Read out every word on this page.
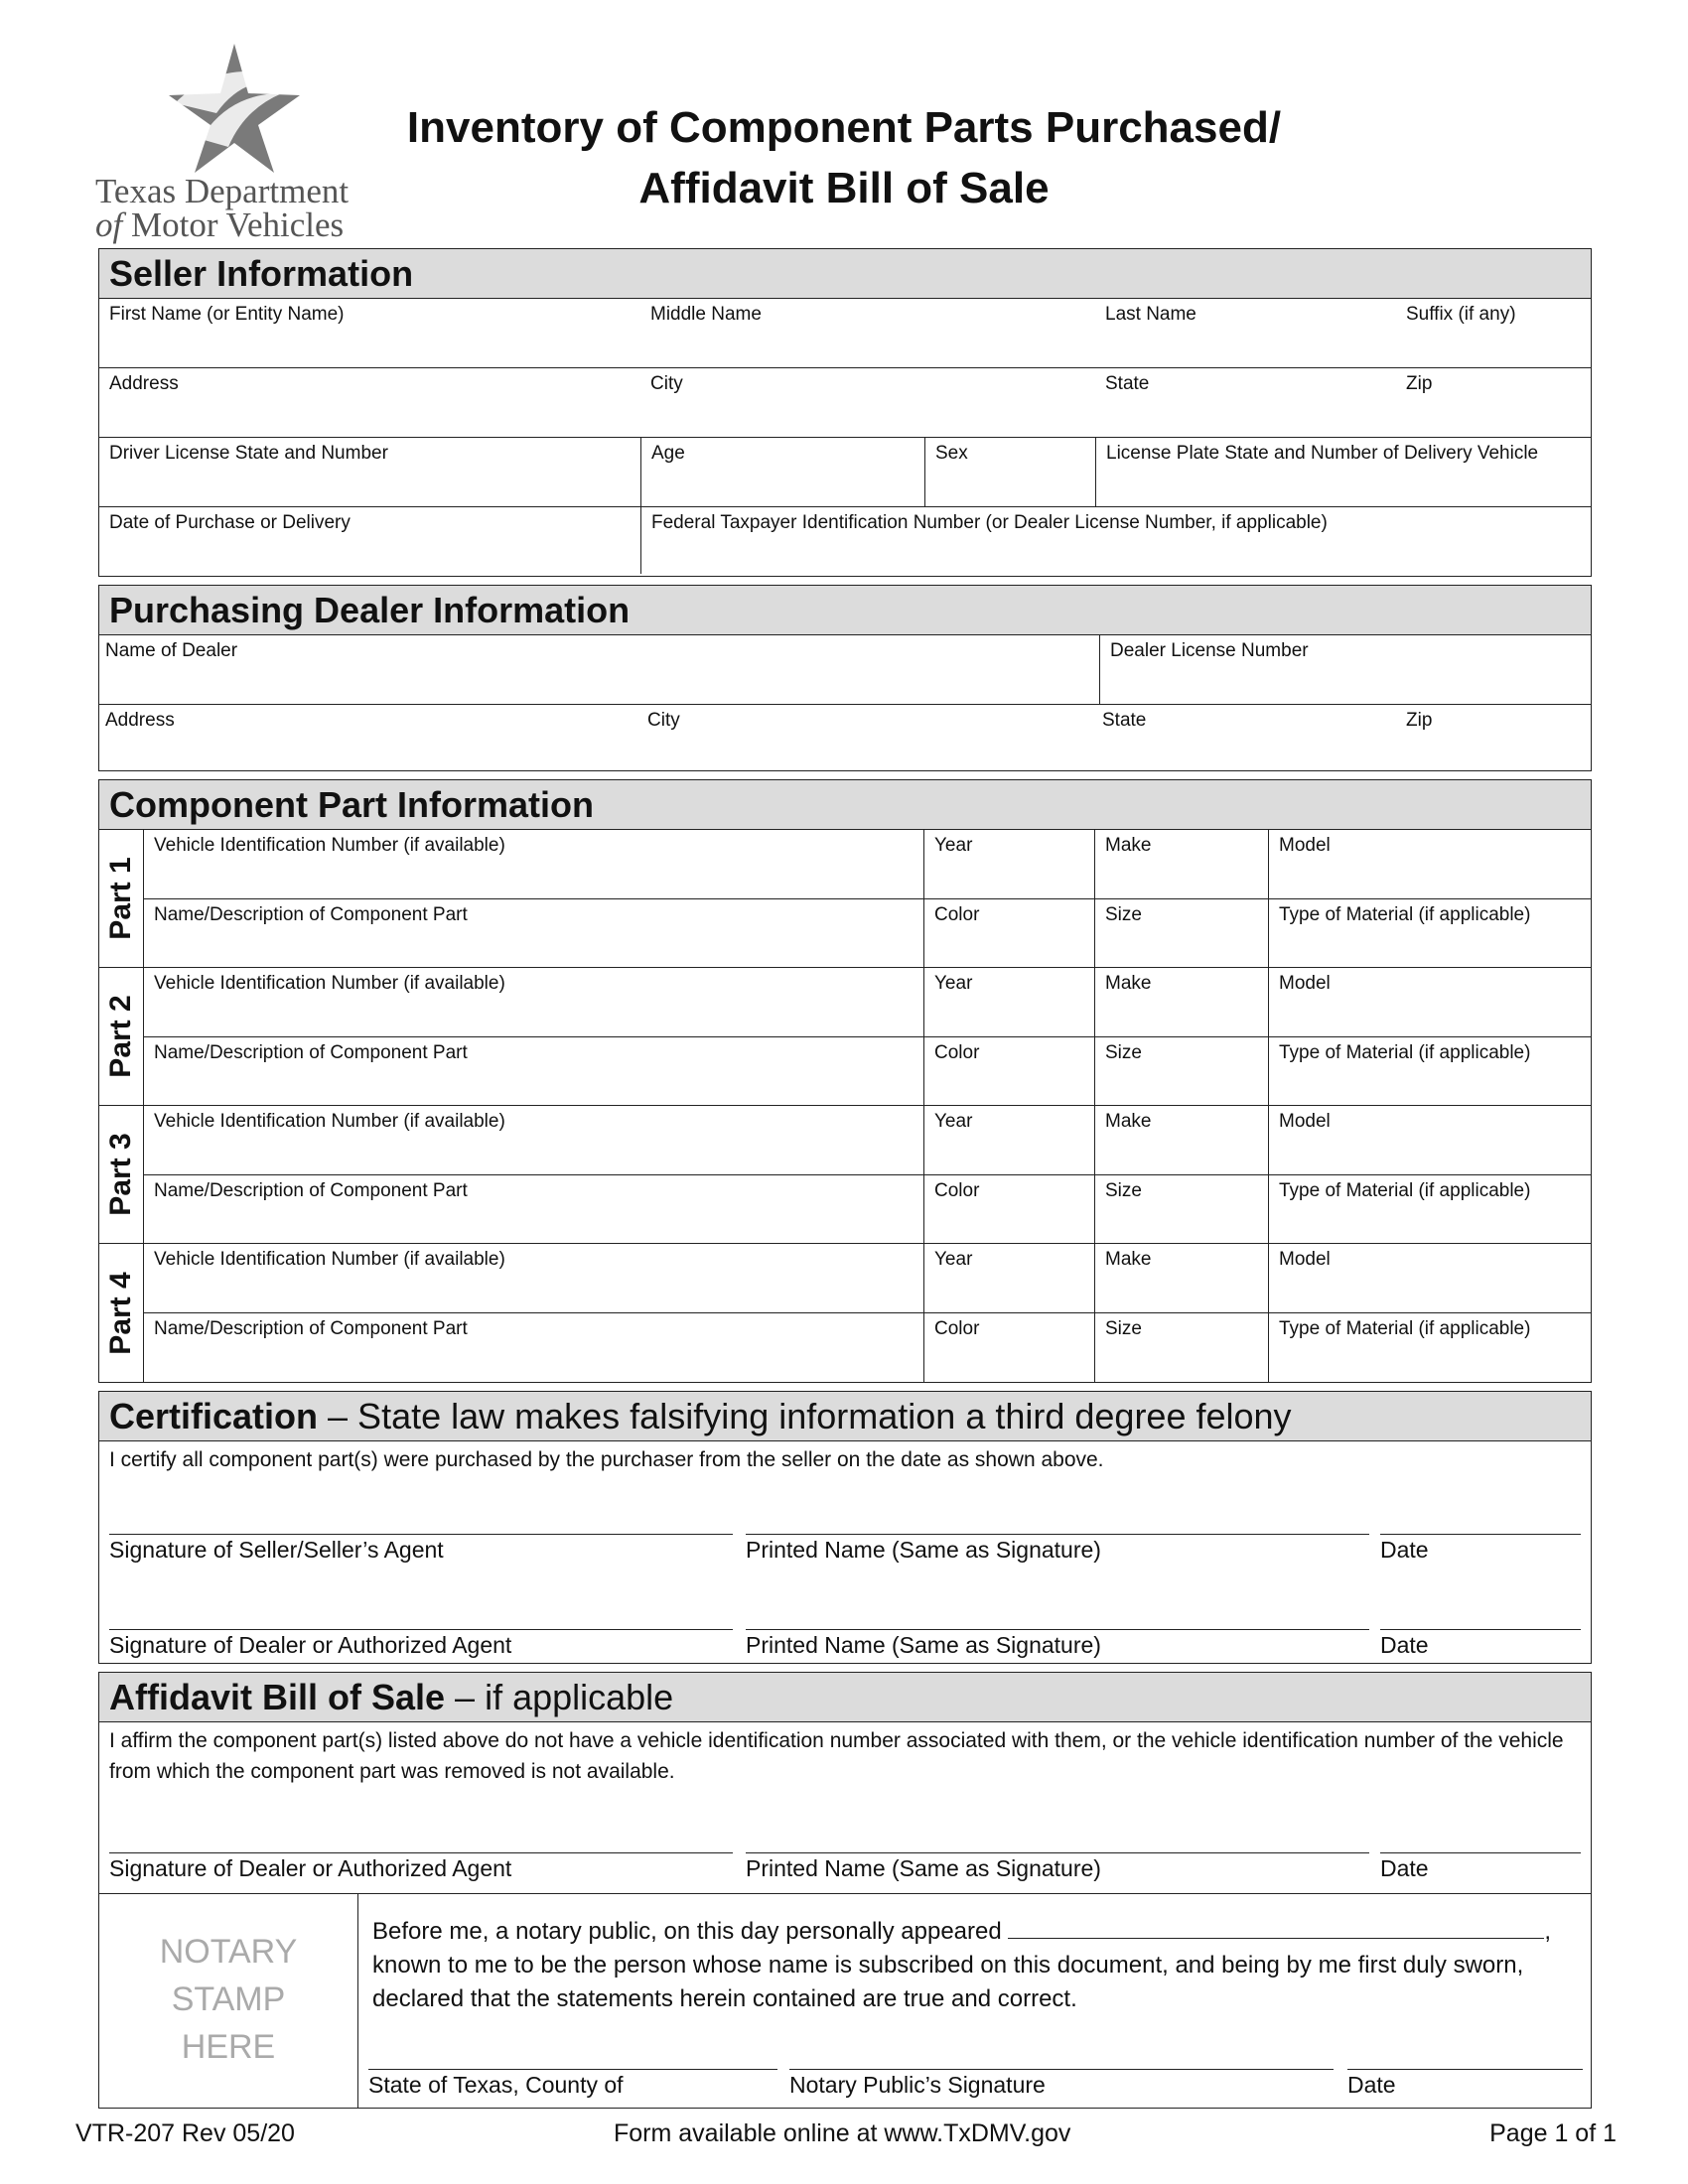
Texas Department
of Motor Vehicles
Inventory of Component Parts Purchased/
Affidavit Bill of Sale
Seller Information
First Name (or Entity Name)	Middle Name	Last Name	Suffix (if any)
Address	City	State	Zip
Driver License State and Number	Age	Sex	License Plate State and Number of Delivery Vehicle
Date of Purchase or Delivery	Federal Taxpayer Identification Number (or Dealer License Number, if applicable)
Purchasing Dealer Information
Name of Dealer	Dealer License Number
Address	City	State	Zip
Component Part Information
Part 1
Part 2
Part 3
Part 4
Vehicle Identification Number (if available)	Year	Make	Model
Name/Description of Component Part	Color	Size	Type of Material (if applicable)
Vehicle Identification Number (if available)	Year	Make	Model
Name/Description of Component Part	Color	Size	Type of Material (if applicable)
Vehicle Identification Number (if available)	Year	Make	Model
Name/Description of Component Part	Color	Size	Type of Material (if applicable)
Vehicle Identification Number (if available)	Year	Make	Model
Name/Description of Component Part	Color	Size	Type of Material (if applicable)
Certification – State law makes falsifying information a third degree felony
I certify all component part(s) were purchased by the purchaser from the seller on the date as shown above.
Signature of Seller/Seller’s Agent	Printed Name (Same as Signature)	Date
Signature of Dealer or Authorized Agent	Printed Name (Same as Signature)	Date
Affidavit Bill of Sale – if applicable
I affirm the component part(s) listed above do not have a vehicle identification number associated with them, or the vehicle identification number of the vehicle from which the component part was removed is not available.
Signature of Dealer or Authorized Agent	Printed Name (Same as Signature)	Date
NOTARY
STAMP
HERE
Before me, a notary public, on this day personally appeared	,
known to me to be the person whose name is subscribed on this document, and being by me first duly sworn, declared that the statements herein contained are true and correct.
State of Texas, County of	Notary Public’s Signature	Date
VTR-207 Rev 05/20	Form available online at www.TxDMV.gov	Page 1 of 1
